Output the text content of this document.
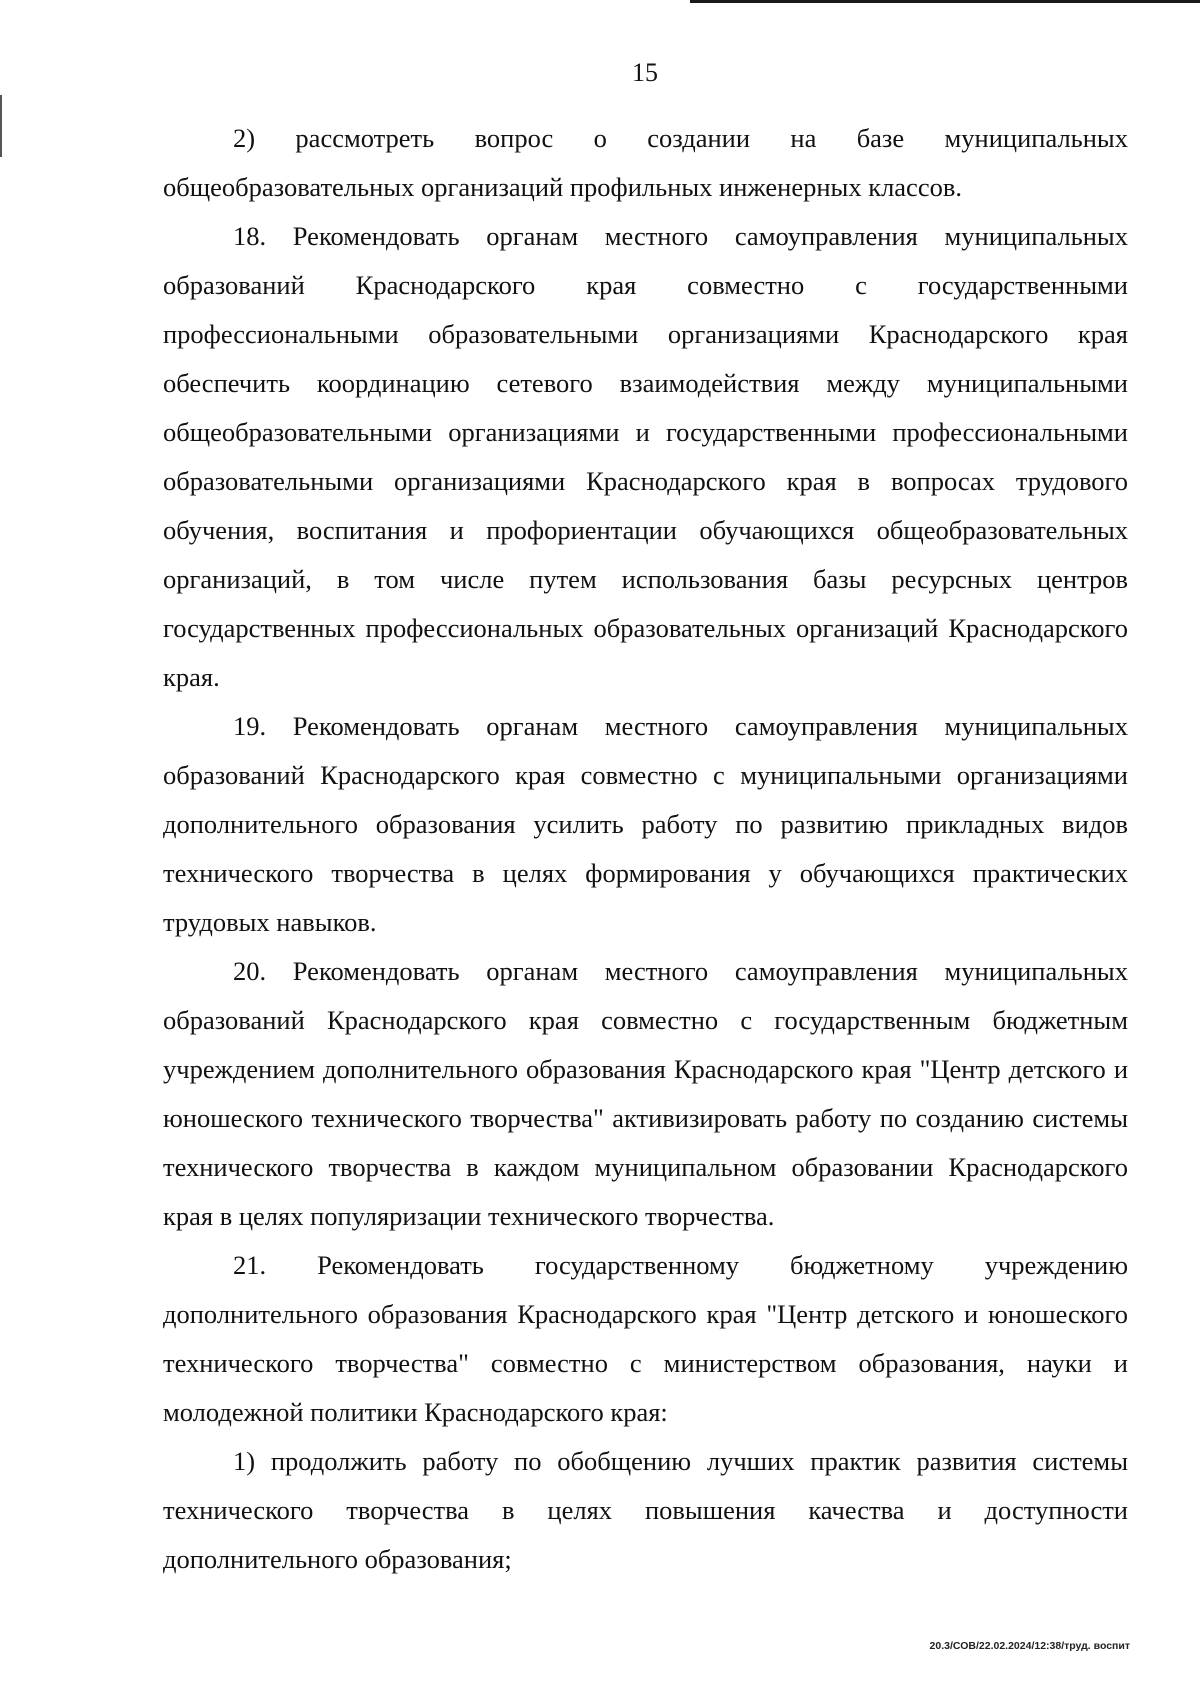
15

2) рассмотреть вопрос о создании на базе муниципальных общеобразовательных организаций профильных инженерных классов.

18. Рекомендовать органам местного самоуправления муниципальных образований Краснодарского края совместно с государственными профессиональными образовательными организациями Краснодарского края обеспечить координацию сетевого взаимодействия между муниципальными общеобразовательными организациями и государственными профессиональными образовательными организациями Краснодарского края в вопросах трудового обучения, воспитания и профориентации обучающихся общеобразовательных организаций, в том числе путем использования базы ресурсных центров государственных профессиональных образовательных организаций Краснодарского края.

19. Рекомендовать органам местного самоуправления муниципальных образований Краснодарского края совместно с муниципальными организациями дополнительного образования усилить работу по развитию прикладных видов технического творчества в целях формирования у обучающихся практических трудовых навыков.

20. Рекомендовать органам местного самоуправления муниципальных образований Краснодарского края совместно с государственным бюджетным учреждением дополнительного образования Краснодарского края "Центр детского и юношеского технического творчества" активизировать работу по созданию системы технического творчества в каждом муниципальном образовании Краснодарского края в целях популяризации технического творчества.

21. Рекомендовать государственному бюджетному учреждению дополнительного образования Краснодарского края "Центр детского и юношеского технического творчества" совместно с министерством образования, науки и молодежной политики Краснодарского края:

1) продолжить работу по обобщению лучших практик развития системы технического творчества в целях повышения качества и доступности дополнительного образования;

20.3/СОВ/22.02.2024/12:38/труд. воспит
